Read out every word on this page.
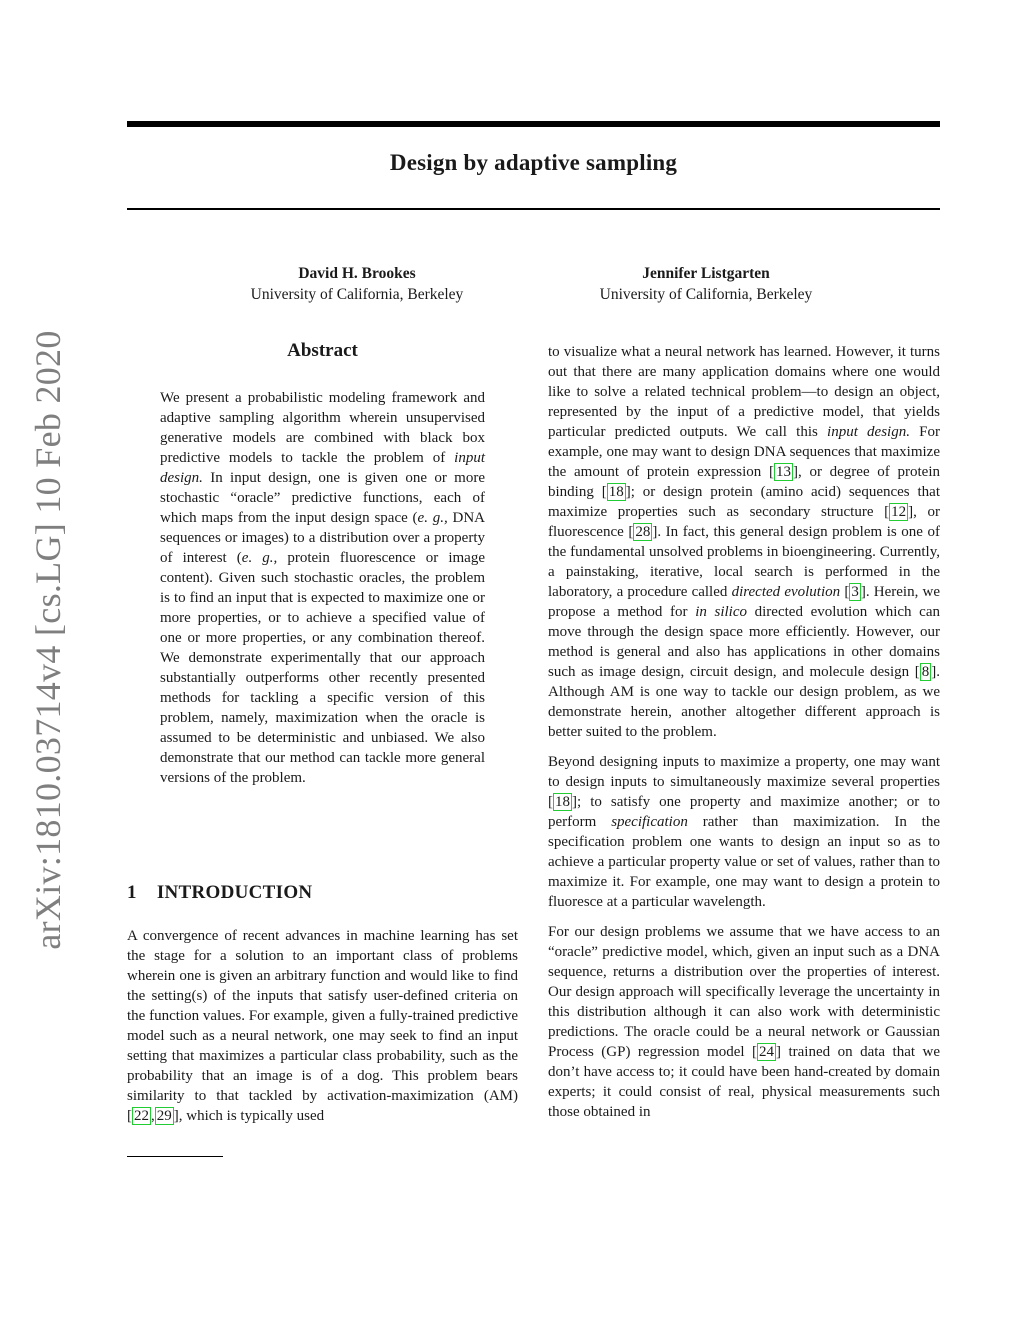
Design by adaptive sampling
David H. Brookes
University of California, Berkeley
Jennifer Listgarten
University of California, Berkeley
arXiv:1810.03714v4 [cs.LG] 10 Feb 2020	Abstract

We present a probabilistic modeling framework and adaptive sampling algorithm wherein unsupervised generative models are combined with black box predictive models to tackle the problem of input design. In input design, one is given one or more stochastic “oracle” predictive functions, each of which maps from the input design space (e. g., DNA sequences or images) to a distribution over a property of interest (e. g., protein fluorescence or image content). Given such stochastic oracles, the problem is to find an input that is expected to maximize one or more properties, or to achieve a specified value of one or more properties, or any combination thereof. We demonstrate experimentally that our approach substantially outperforms other recently presented methods for tackling a specific version of this problem, namely, maximization when the oracle is assumed to be deterministic and unbiased. We also demonstrate that our method can tackle more general versions of the problem.

1 INTRODUCTION

A convergence of recent advances in machine learning has set the stage for a solution to an important class of problems wherein one is given an arbitrary function and would like to find the setting(s) of the inputs that satisfy user-defined criteria on the function values. For example, given a fully-trained predictive model such as a neural network, one may seek to find an input setting that maximizes a particular class probability, such as the probability that an image is of a dog. This problem bears similarity to that tackled by activation-maximization (AM) [ 22 , 29 ], which is typically used

to visualize what a neural network has learned. However, it turns out that there are many application domains where one would like to solve a related technical problem—to design an object, represented by the input of a predictive model, that yields particular predicted outputs. We call this input design. For example, one may want to design DNA sequences that maximize the amount of protein expression [ 13 ], or degree of protein binding [ 18 ]; or design protein (amino acid) sequences that maximize properties such as secondary structure [ 12 ], or fluorescence [ 28 ]. In fact, this general design problem is one of the fundamental unsolved problems in bioengineering. Currently, a painstaking, iterative, local search is performed in the laboratory, a procedure called directed evolution [ 3 ]. Herein, we propose a method for in silico directed evolution which can move through the design space more efficiently. However, our method is general and also has applications in other domains such as image design, circuit design, and molecule design [ 8 ]. Although AM is one way to tackle our design problem, as we demonstrate herein, another altogether different approach is better suited to the problem.

Beyond designing inputs to maximize a property, one may want to design inputs to simultaneously maximize several properties [ 18 ]; to satisfy one property and maximize another; or to perform specification rather than maximization. In the specification problem one wants to design an input so as to achieve a particular property value or set of values, rather than to maximize it. For example, one may want to design a protein to fluoresce at a particular wavelength.

For our design problems we assume that we have access to an “oracle” predictive model, which, given an input such as a DNA sequence, returns a distribution over the properties of interest. Our design approach will specifically leverage the uncertainty in this distribution although it can also work with deterministic predictions. The oracle could be a neural network or Gaussian Process (GP) regression model [ 24 ] trained on data that we don’t have access to; it could have been hand-created by domain experts; it could consist of real, physical measurements such those obtained in
